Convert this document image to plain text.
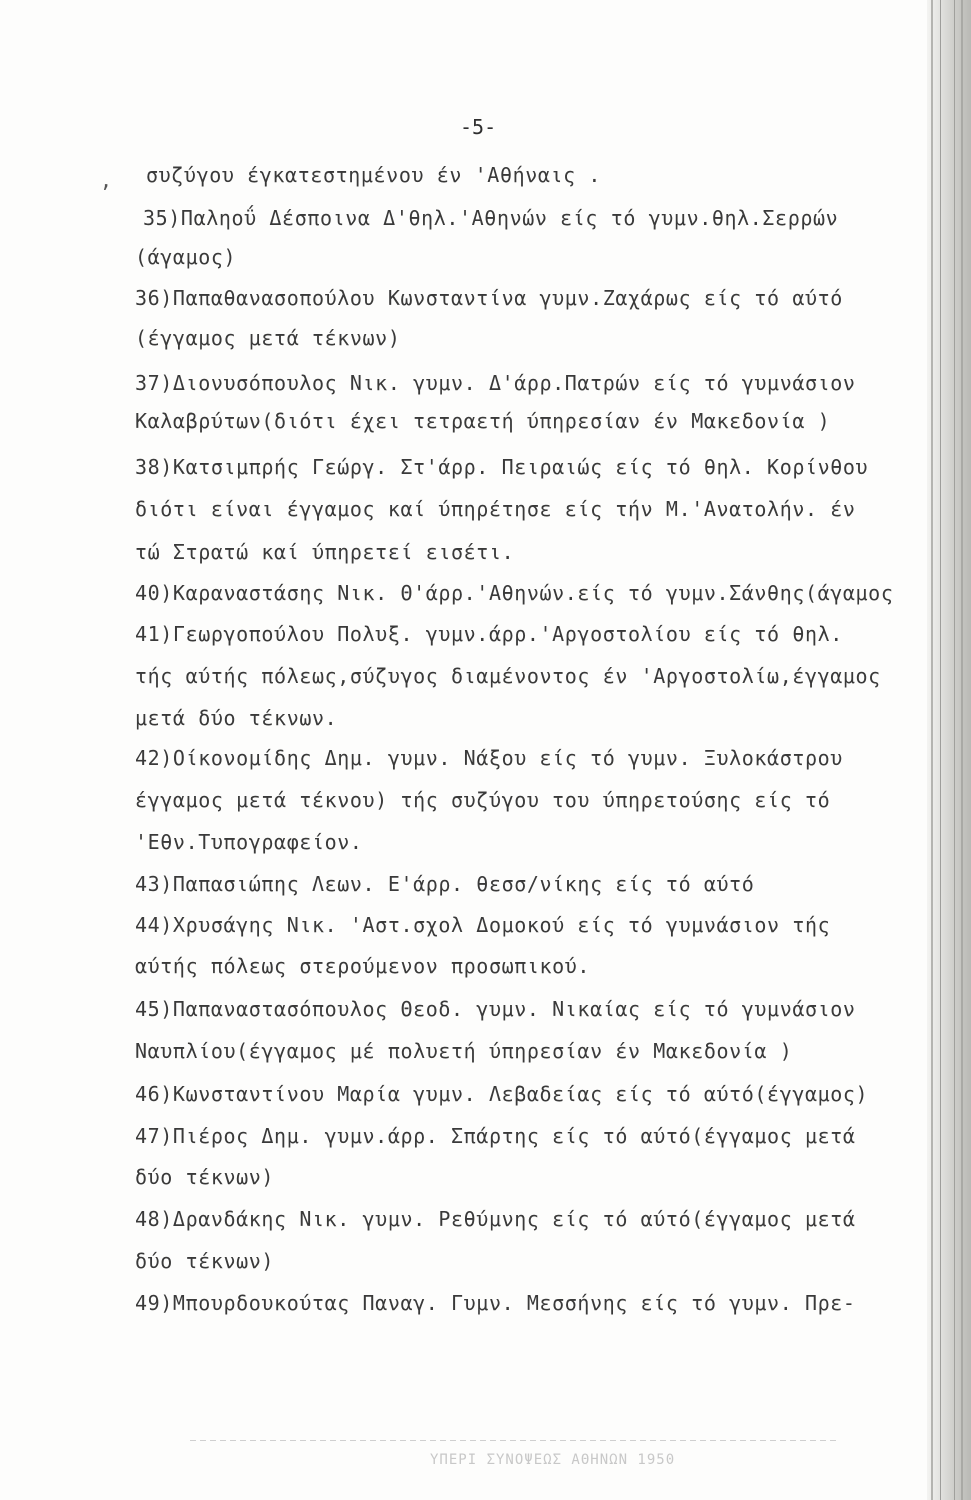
-5-
, συζύγου έγκατεστημένου έν 'Αθήναις .
35)Παληοΰ Δέσποινα Δ'θηλ.'Αθηνών είς τό γυμν.θηλ.Σερρών
(άγαμος)
36)Παπαθανασοπούλου Κωνσταντίνα γυμν.Ζαχάρως είς τό αύτό
(έγγαμος μετά τέκνων)
37)Διονυσόπουλος Νικ. γυμν. Δ'άρρ.Πατρών είς τό γυμνάσιον
Καλαβρύτων(διότι έχει τετραετή ύπηρεσίαν έν Μακεδονία )
38)Κατσιμπρής Γεώργ. Στ'άρρ. Πειραιώς είς τό θηλ. Κορίνθου
διότι είναι έγγαμος καί ύπηρέτησε είς τήν Μ.'Ανατολήν. έν
τώ Στρατώ καί ύπηρετεί εισέτι.
40)Καραναστάσης Νικ. Θ'άρρ.'Αθηνών.είς τό γυμν.Σάνθης(άγαμος
41)Γεωργοπούλου Πολυξ. γυμν.άρρ.'Αργοστολίου είς τό θηλ.
τής αύτής πόλεως,σύζυγος διαμένοντος έν 'Αργοστολίω,έγγαμος
μετά δύο τέκνων.
42)Οίκονομίδης Δημ. γυμν. Νάξου είς τό γυμν. Ξυλοκάστρου
έγγαμος μετά τέκνου) τής συζύγου του ύπηρετούσης είς τό
'Εθν.Τυπογραφείον.
43)Παπασιώπης Λεων. Ε'άρρ. θεσσ/νίκης είς τό αύτό
44)Χρυσάγης Νικ. 'Αστ.σχολ Δομοκού είς τό γυμνάσιον τής
αύτής πόλεως στερούμενον προσωπικού.
45)Παπαναστασόπουλος Θεοδ. γυμν. Νικαίας είς τό γυμνάσιον
Ναυπλίου(έγγαμος μέ πολυετή ύπηρεσίαν έν Μακεδονία )
46)Κωνσταντίνου Μαρία γυμν. Λεβαδείας είς τό αύτό(έγγαμος)
47)Πιέρος Δημ. γυμν.άρρ. Σπάρτης είς τό αύτό(έγγαμος μετά
δύο τέκνων)
48)Δρανδάκης Νικ. γυμν. Ρεθύμνης είς τό αύτό(έγγαμος μετά
δύο τέκνων)
49)Μπουρδουκούτας Παναγ. Γυμν. Μεσσήνης είς τό γυμν. Πρε-
ΥΠΕΡΙ ΣΥΝΟΨΕΩΣ ΑΘΗΝΩΝ 1950
